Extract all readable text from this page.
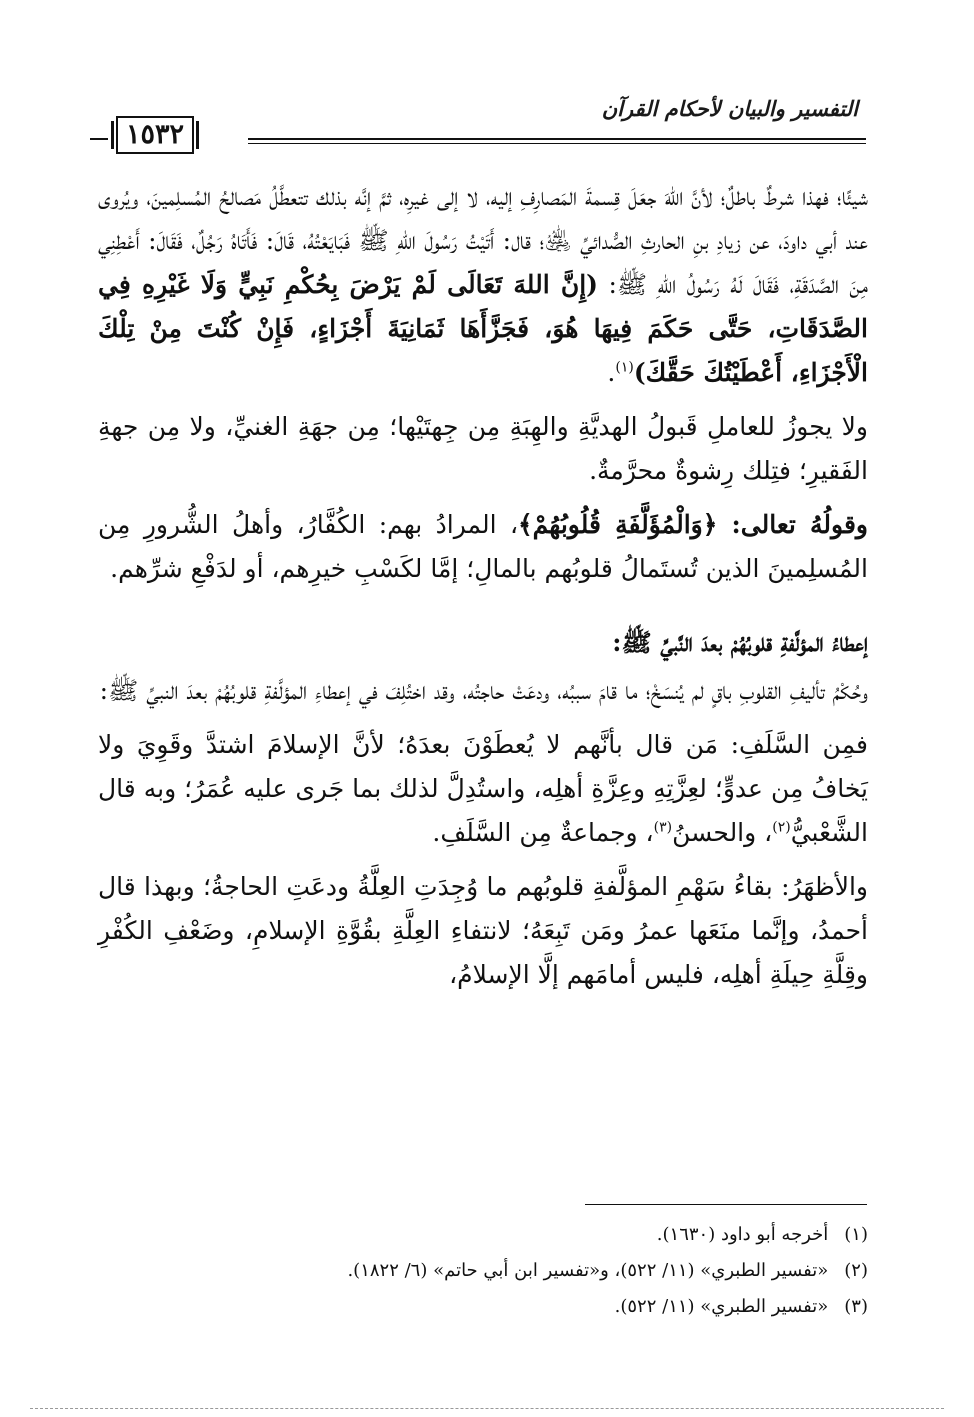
التفسير والبيان لأحكام القرآن
١٥٣٢

شيئًا؛ فهذا شرطٌ باطلٌ؛ لأنَّ اللهَ جعَلَ قِسمةَ المَصارِفِ إليه، لا إلى غيرِه، ثمَّ إنَّه بذلك تتعطَّلُ مَصالحُ المُسلِمينَ، ويُروى عند أبي داودَ، عن زيادِ بنِ الحارثِ الصُّدائيِّ ﵁؛ قال: أَتَيْتُ رَسُولَ اللهِ ﷺ فَبَايَعْتُهُ، قَالَ: فَأَتَاهُ رَجُلٌ، فَقَالَ: أَعْطِنِي مِنَ الصَّدَقَةِ، فَقَالَ لَهُ رَسُولُ اللهِ ﷺ: (إِنَّ اللهَ تَعَالَى لَمْ يَرْضَ بِحُكْمِ نَبِيٍّ وَلَا غَيْرِهِ فِي الصَّدَقَاتِ، حَتَّى حَكَمَ فِيهَا هُوَ، فَجَزَّأَهَا ثَمَانِيَةَ أَجْزَاءٍ، فَإِنْ كُنْتَ مِنْ تِلْكَ الْأَجْزَاءِ، أَعْطَيْتُكَ حَقَّكَ)$^{(١)}$.

ولا يجوزُ للعاملِ قَبولُ الهديَّةِ والهِبَةِ مِن جِهتَيْها؛ مِن جهَةِ الغنيِّ، ولا مِن جهةِ الفَقيرِ؛ فتِلك رِشوةٌ محرَّمةٌ.

وقولُهُ تعالى: ﴿وَالْمُؤَلَّفَةِ قُلُوبُهُمْ﴾، المرادُ بهم: الكُفَّارُ، وأهلُ الشُّرورِ مِن المُسلِمينَ الذين تُستَمالُ قلوبُهم بالمالِ؛ إمَّا لكَسْبِ خيرِهم، أو لدَفْعِ شرِّهم.

إعطاءُ المؤلَّفةِ قلوبُهُمْ بعدَ النَّبيِّ ﷺ:

وحُكْمُ تأليفِ القلوبِ باقٍ لم يُنسَخْ؛ ما قامَ سببُه، ودعَتْ حاجتُه، وقد اختُلِفَ في إعطاءِ المؤلَّفةِ قلوبُهُمْ بعدَ النبيِّ ﷺ:

فمِن السَّلَفِ: مَن قال بأنَّهم لا يُعطَوْنَ بعدَهُ؛ لأنَّ الإسلامَ اشتدَّ وقَوِيَ ولا يَخافُ مِن عدوٍّ؛ لعِزَّتِهِ وعِزَّةِ أهلِه، واستُدِلَّ لذلك بما جَرى عليه عُمَرُ؛ وبه قال الشَّعْبيُّ$^{(٢)}$، والحسنُ$^{(٣)}$، وجماعةٌ مِن السَّلَفِ.

والأظهَرُ: بقاءُ سَهْمِ المؤلَّفةِ قلوبُهم ما وُجِدَتِ العِلَّةُ ودعَتِ الحاجةُ؛ وبهذا قال أحمدُ، وإنَّما منَعَها عمرُ ومَن تَبِعَهُ؛ لانتفاءِ العِلَّةِ بقُوَّةِ الإسلامِ، وضَعْفِ الكُفْرِ وقِلَّةِ حِيلَةِ أهلِه، فليس أمامَهم إلَّا الإسلامُ،

(١) أخرجه أبو داود (١٦٣٠).

(٢) «تفسير الطبري» (١١/ ٥٢٢)، و«تفسير ابن أبي حاتم» (٦/ ١٨٢٢).

(٣) «تفسير الطبري» (١١/ ٥٢٢).
